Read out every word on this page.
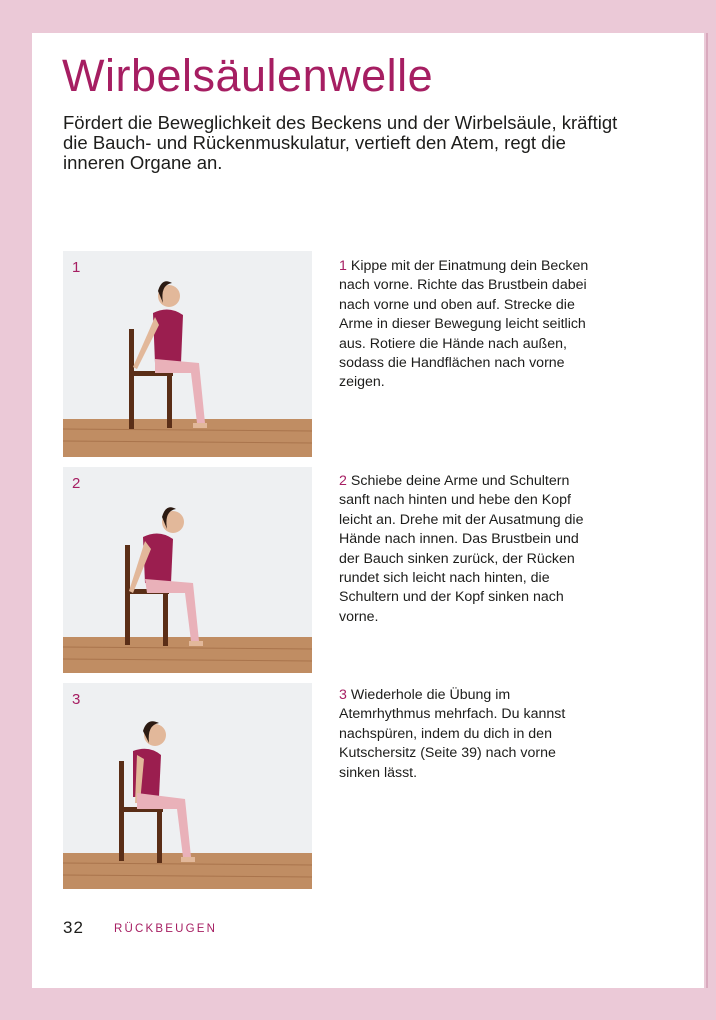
Wirbelsäulenwelle
Fördert die Beweglichkeit des Beckens und der Wirbelsäule, kräftigt die Bauch- und Rückenmuskulatur, vertieft den Atem, regt die inneren Organe an.
1	1 Kippe mit der Einatmung dein Becken nach vorne. Richte das Brustbein dabei nach vorne und oben auf. Strecke die Arme in dieser Bewegung leicht seitlich aus. Rotiere die Hände nach außen, sodass die Handflächen nach vorne zeigen.
2	2 Schiebe deine Arme und Schultern sanft nach hinten und hebe den Kopf leicht an. Drehe mit der Ausatmung die Hände nach innen. Das Brustbein und der Bauch sinken zurück, der Rücken rundet sich leicht nach hinten, die Schultern und der Kopf sinken nach vorne.
3	3 Wiederhole die Übung im Atemrhythmus mehrfach. Du kannst nachspüren, indem du dich in den Kutschersitz (Seite 39) nach vorne sinken lässt.
32	RÜCKBEUGEN
